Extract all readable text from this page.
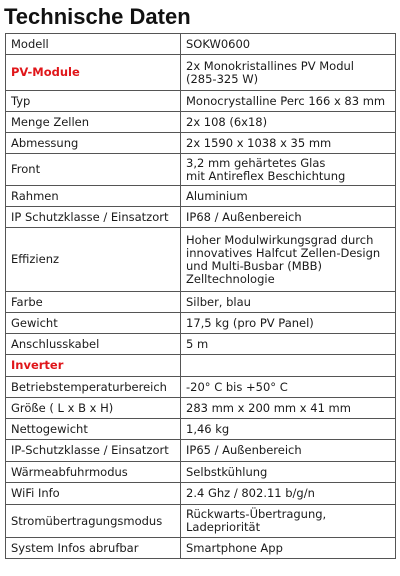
Technische Daten
Modell	SOKW0600
PV-Module	2x Monokristallines PV Modul
(285-325 W)
Typ	Monocrystalline Perc 166 x 83 mm
Menge Zellen	2x 108 (6x18)
Abmessung	2x 1590 x 1038 x 35 mm
Front	3,2 mm gehärtetes Glas
mit Antireflex Beschichtung
Rahmen	Aluminium
IP Schutzklasse / Einsatzort	IP68 / Außenbereich
Effizienz	Hoher Modulwirkungsgrad durch
innovatives Halfcut Zellen-Design
und Multi-Busbar (MBB)
Zelltechnologie
Farbe	Silber, blau
Gewicht	17,5 kg (pro PV Panel)
Anschlusskabel	5 m
Inverter	
Betriebstemperaturbereich	-20° C bis +50° C
Größe ( L x B x H)	283 mm x 200 mm x 41 mm
Nettogewicht	1,46 kg
IP-Schutzklasse / Einsatzort	IP65 / Außenbereich
Wärmeabfuhrmodus	Selbstkühlung
WiFi Info	2.4 Ghz / 802.11 b/g/n
Stromübertragungsmodus	Rückwarts-Übertragung,
Ladepriorität
System Infos abrufbar	Smartphone App
